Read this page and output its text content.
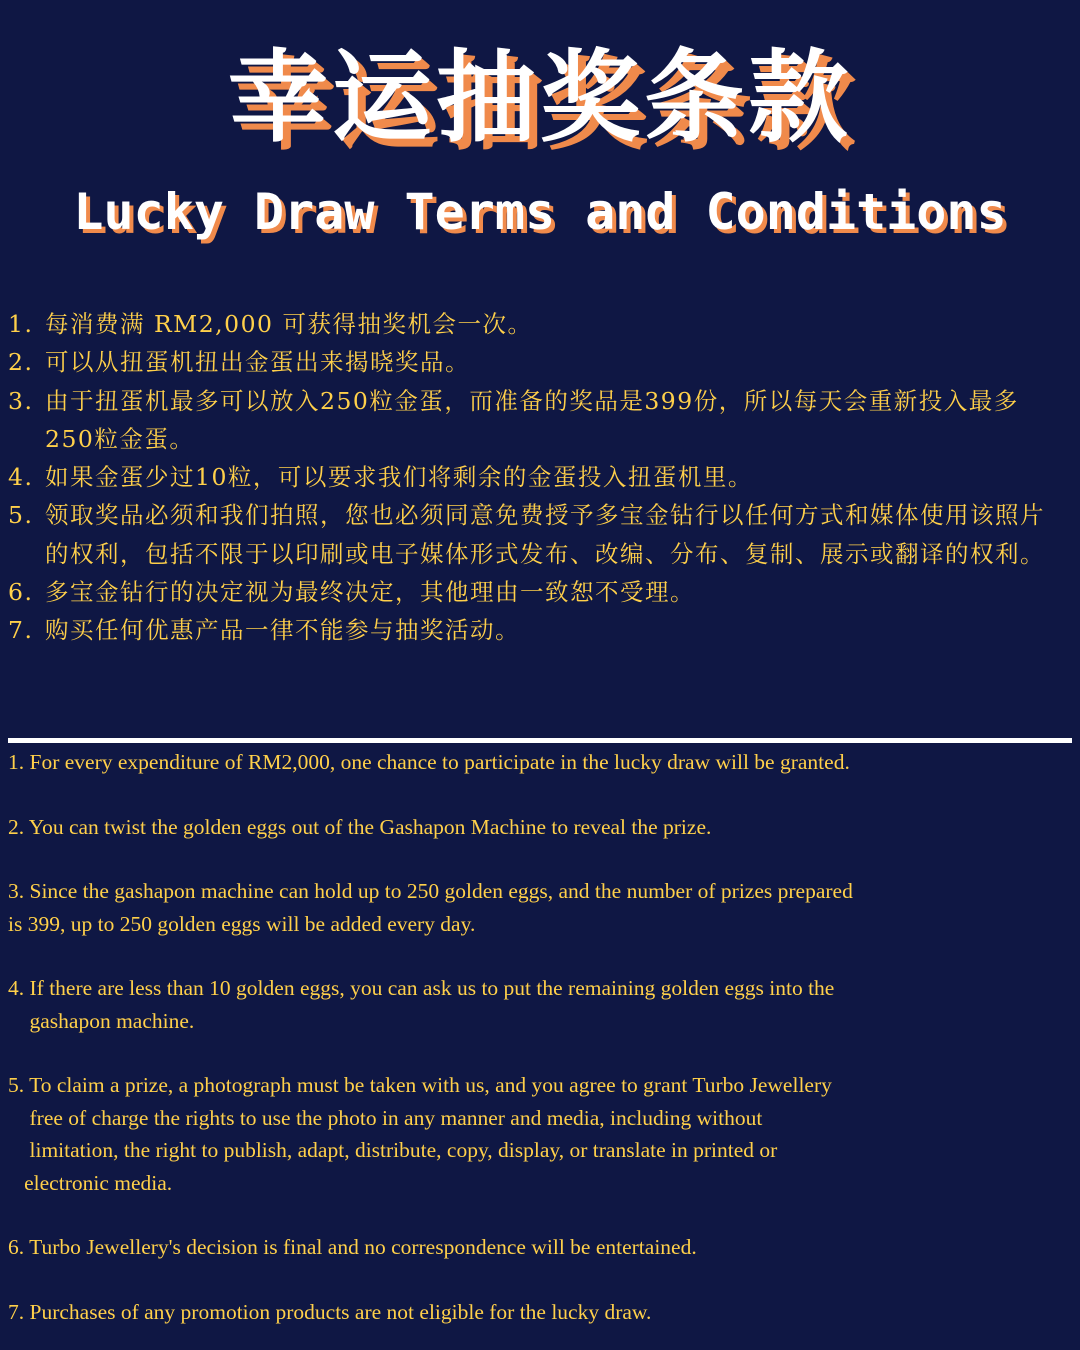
幸运抽奖条款
Lucky Draw Terms and Conditions
1. 每消费满 RM2,000 可获得抽奖机会一次。
2. 可以从扭蛋机扭出金蛋出来揭晓奖品。
3. 由于扭蛋机最多可以放入250粒金蛋，而准备的奖品是399份，所以每天会重新投入最多250粒金蛋。
4. 如果金蛋少过10粒，可以要求我们将剩余的金蛋投入扭蛋机里。
5. 领取奖品必须和我们拍照，您也必须同意免费授予多宝金钻行以任何方式和媒体使用该照片的权利，包括不限于以印刷或电子媒体形式发布、改编、分布、复制、展示或翻译的权利。
6. 多宝金钻行的决定视为最终决定，其他理由一致恕不受理。
7. 购买任何优惠产品一律不能参与抽奖活动。

1. For every expenditure of RM2,000, one chance to participate in the lucky draw will be granted.

2. You can twist the golden eggs out of the Gashapon Machine to reveal the prize.

3. Since the gashapon machine can hold up to 250 golden eggs, and the number of prizes prepared
is 399, up to 250 golden eggs will be added every day.

4. If there are less than 10 golden eggs, you can ask us to put the remaining golden eggs into the
gashapon machine.

5. To claim a prize, a photograph must be taken with us, and you agree to grant Turbo Jewellery
free of charge the rights to use the photo in any manner and media, including without
limitation, the right to publish, adapt, distribute, copy, display, or translate in printed or
electronic media.

6. Turbo Jewellery's decision is final and no correspondence will be entertained.

7. Purchases of any promotion products are not eligible for the lucky draw.
